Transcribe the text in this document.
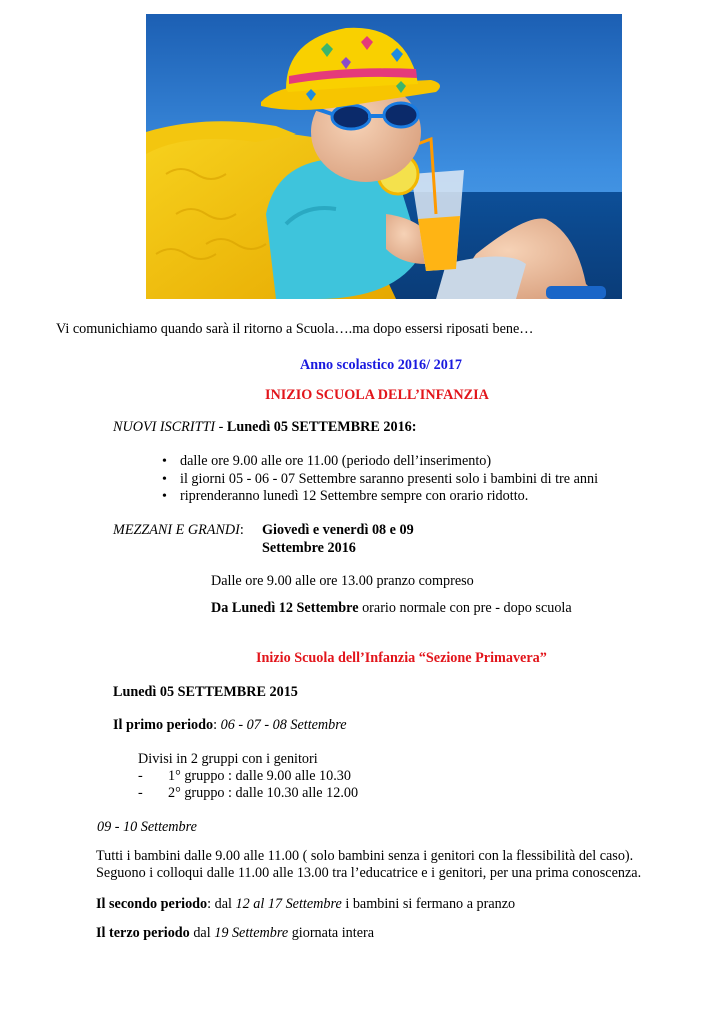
Vi comunichiamo quando sarà il ritorno a Scuola….ma dopo essersi riposati bene…
Anno scolastico 2016/ 2017
INIZIO SCUOLA DELL’INFANZIA
NUOVI ISCRITTI - Lunedì 05 SETTEMBRE 2016:
• dalle ore 9.00 alle ore 11.00 (periodo dell’inserimento)
• il giorni 05 - 06 - 07 Settembre saranno presenti solo i bambini di tre anni
• riprenderanno lunedì 12 Settembre sempre con orario ridotto.
MEZZANI E GRANDI: Giovedì e venerdì 08 e 09
Settembre 2016
Dalle ore 9.00 alle ore 13.00 pranzo compreso
Da Lunedì 12 Settembre orario normale con pre - dopo scuola
Inizio Scuola dell’Infanzia “Sezione Primavera”
Lunedì 05 SETTEMBRE 2015
Il primo periodo: 06 - 07 - 08 Settembre
Divisi in 2 gruppi con i genitori
- 1° gruppo : dalle 9.00 alle 10.30
- 2° gruppo : dalle 10.30 alle 12.00
09 - 10 Settembre
Tutti i bambini dalle 9.00 alle 11.00 ( solo bambini senza i genitori con la flessibilità del caso).
Seguono i colloqui dalle 11.00 alle 13.00 tra l’educatrice e i genitori, per una prima conoscenza.
Il secondo periodo: dal 12 al 17 Settembre i bambini si fermano a pranzo
Il terzo periodo dal 19 Settembre giornata intera
